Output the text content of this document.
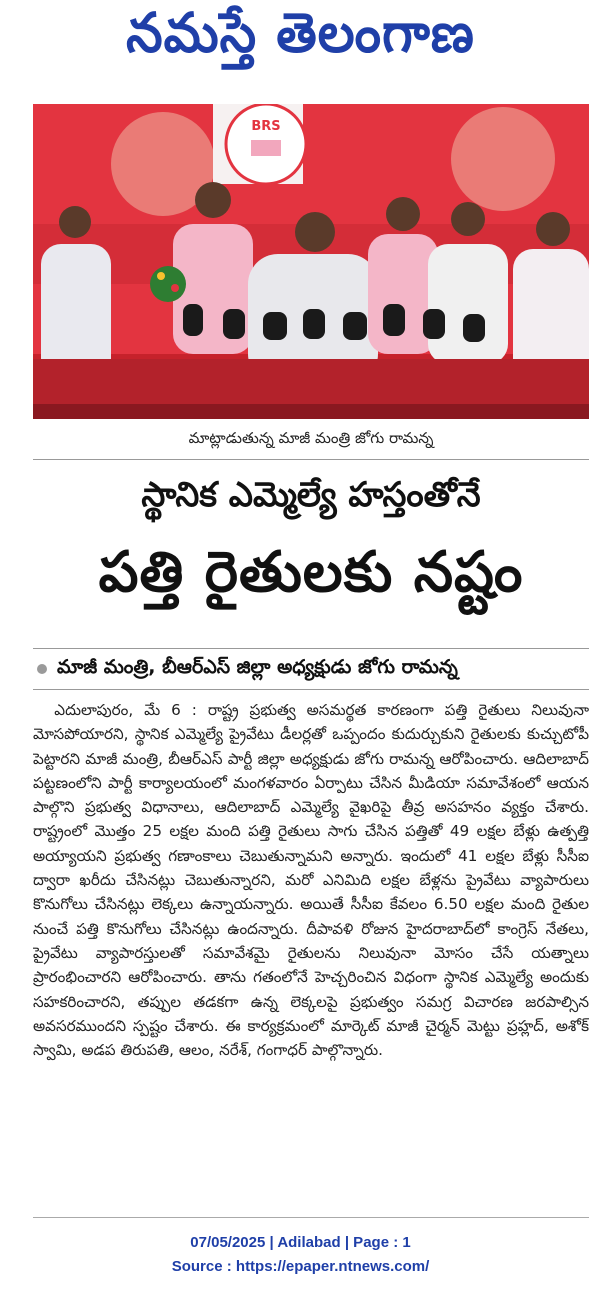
నమస్తే తెలంగాణ
BRS
మాట్లాడుతున్న మాజీ మంత్రి జోగు రామన్న
స్థానిక ఎమ్మెల్యే హస్తంతోనే
పత్తి రైతులకు నష్టం
మాజీ మంత్రి, బీఆర్ఎస్ జిల్లా అధ్యక్షుడు జోగు రామన్న
ఎదులాపురం, మే 6 : రాష్ట్ర ప్రభుత్వ అసమర్థత కారణంగా పత్తి రైతులు నిలువునా మోసపోయారని, స్థానిక ఎమ్మెల్యే ప్రైవేటు డీలర్లతో ఒప్పందం కుదుర్చుకుని రైతులకు కుచ్చుటోపీ పెట్టారని మాజీ మంత్రి, బీఆర్ఎస్ పార్టీ జిల్లా అధ్యక్షుడు జోగు రామన్న ఆరోపించారు. ఆదిలాబాద్ పట్టణంలోని పార్టీ కార్యాలయంలో మంగళవారం ఏర్పాటు చేసిన మీడియా సమావేశంలో ఆయన పాల్గొని ప్రభుత్వ విధానాలు, ఆదిలాబాద్ ఎమ్మెల్యే వైఖరిపై తీవ్ర అసహనం వ్యక్తం చేశారు. రాష్ట్రంలో మొత్తం 25 లక్షల మంది పత్తి రైతులు సాగు చేసిన పత్తితో 49 లక్షల బేళ్లు ఉత్పత్తి అయ్యాయని ప్రభుత్వ గణాంకాలు చెబుతున్నామని అన్నారు. ఇందులో 41 లక్షల బేళ్లు సీసీఐ ద్వారా ఖరీదు చేసినట్లు చెబుతున్నారని, మరో ఎనిమిది లక్షల బేళ్లను ప్రైవేటు వ్యాపారులు కొనుగోలు చేసినట్లు లెక్కలు ఉన్నాయన్నారు. అయితే సీసీఐ కేవలం 6.50 లక్షల మంది రైతుల నుంచే పత్తి కొనుగోలు చేసినట్లు ఉందన్నారు. దీపావళి రోజున హైదరాబాద్‌లో కాంగ్రెస్ నేతలు, ప్రైవేటు వ్యాపారస్తులతో సమావేశమై రైతులను నిలువునా మోసం చేసే యత్నాలు ప్రారంభించారని ఆరోపించారు. తాను గతంలోనే హెచ్చరించిన విధంగా స్థానిక ఎమ్మెల్యే అందుకు సహకరించారని, తప్పుల తడకగా ఉన్న లెక్కలపై ప్రభుత్వం సమగ్ర విచారణ జరపాల్సిన అవసరముందని స్పష్టం చేశారు. ఈ కార్యక్రమంలో మార్కెట్ మాజీ చైర్మన్ మెట్టు ప్రహ్లద్, అశోక్ స్వామి, అడప తిరుపతి, ఆలం, నరేశ్, గంగాధర్ పాల్గొన్నారు.
07/05/2025 | Adilabad | Page : 1
Source : https://epaper.ntnews.com/
